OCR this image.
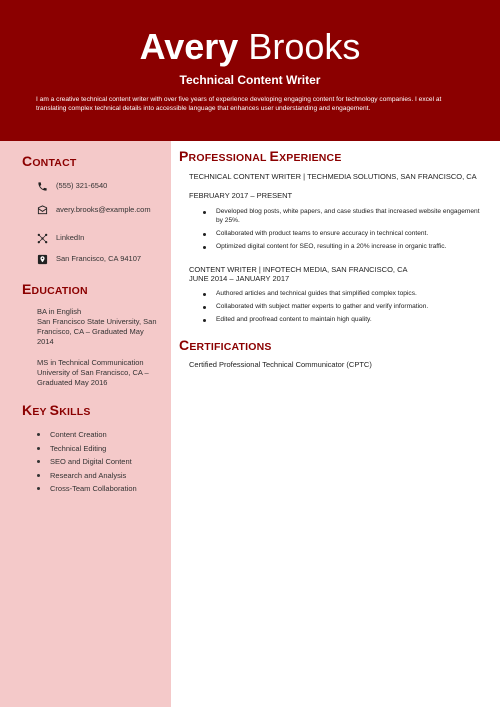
Avery Brooks
Technical Content Writer
I am a creative technical content writer with over five years of experience developing engaging content for technology companies. I excel at translating complex technical details into accessible language that enhances user understanding and engagement.
CONTACT
(555) 321-6540
avery.brooks@example.com
LinkedIn
San Francisco, CA 94107
EDUCATION
BA in English
San Francisco State University, San Francisco, CA – Graduated May 2014
MS in Technical Communication
University of San Francisco, CA – Graduated May 2016
KEY SKILLS
Content Creation
Technical Editing
SEO and Digital Content
Research and Analysis
Cross-Team Collaboration
PROFESSIONAL EXPERIENCE
TECHNICAL CONTENT WRITER | TECHMEDIA SOLUTIONS, SAN FRANCISCO, CA
FEBRUARY 2017 – PRESENT
Developed blog posts, white papers, and case studies that increased website engagement by 25%.
Collaborated with product teams to ensure accuracy in technical content.
Optimized digital content for SEO, resulting in a 20% increase in organic traffic.
CONTENT WRITER | INFOTECH MEDIA, SAN FRANCISCO, CA
JUNE 2014 – JANUARY 2017
Authored articles and technical guides that simplified complex topics.
Collaborated with subject matter experts to gather and verify information.
Edited and proofread content to maintain high quality.
CERTIFICATIONS
Certified Professional Technical Communicator (CPTC)
